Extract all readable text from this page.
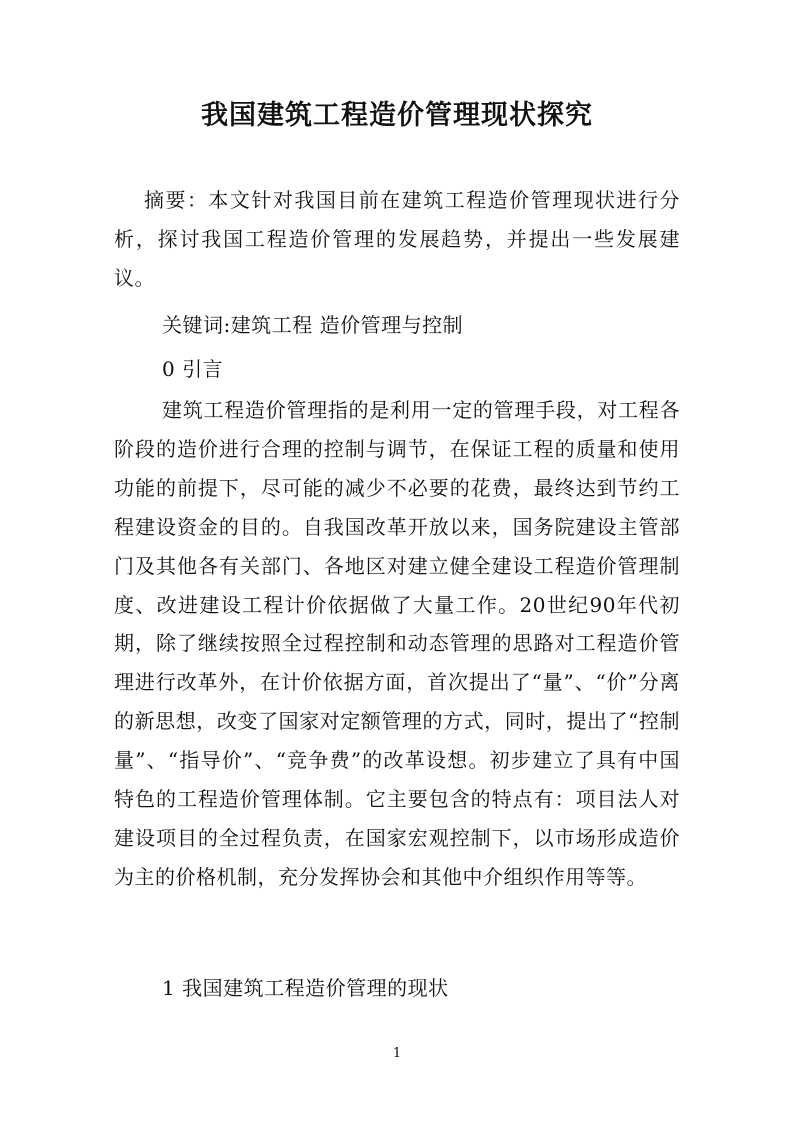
我国建筑工程造价管理现状探究

摘要：本文针对我国目前在建筑工程造价管理现状进行分析，探讨我国工程造价管理的发展趋势，并提出一些发展建议。

关键词:建筑工程 造价管理与控制

0 引言

建筑工程造价管理指的是利用一定的管理手段，对工程各阶段的造价进行合理的控制与调节，在保证工程的质量和使用功能的前提下，尽可能的减少不必要的花费，最终达到节约工程建设资金的目的。自我国改革开放以来，国务院建设主管部门及其他各有关部门、各地区对建立健全建设工程造价管理制度、改进建设工程计价依据做了大量工作。20世纪90年代初期，除了继续按照全过程控制和动态管理的思路对工程造价管理进行改革外，在计价依据方面，首次提出了“量”、“价”分离的新思想，改变了国家对定额管理的方式，同时，提出了“控制量”、“指导价”、“竞争费”的改革设想。初步建立了具有中国特色的工程造价管理体制。它主要包含的特点有：项目法人对建设项目的全过程负责，在国家宏观控制下，以市场形成造价为主的价格机制，充分发挥协会和其他中介组织作用等等。

1 我国建筑工程造价管理的现状

1
